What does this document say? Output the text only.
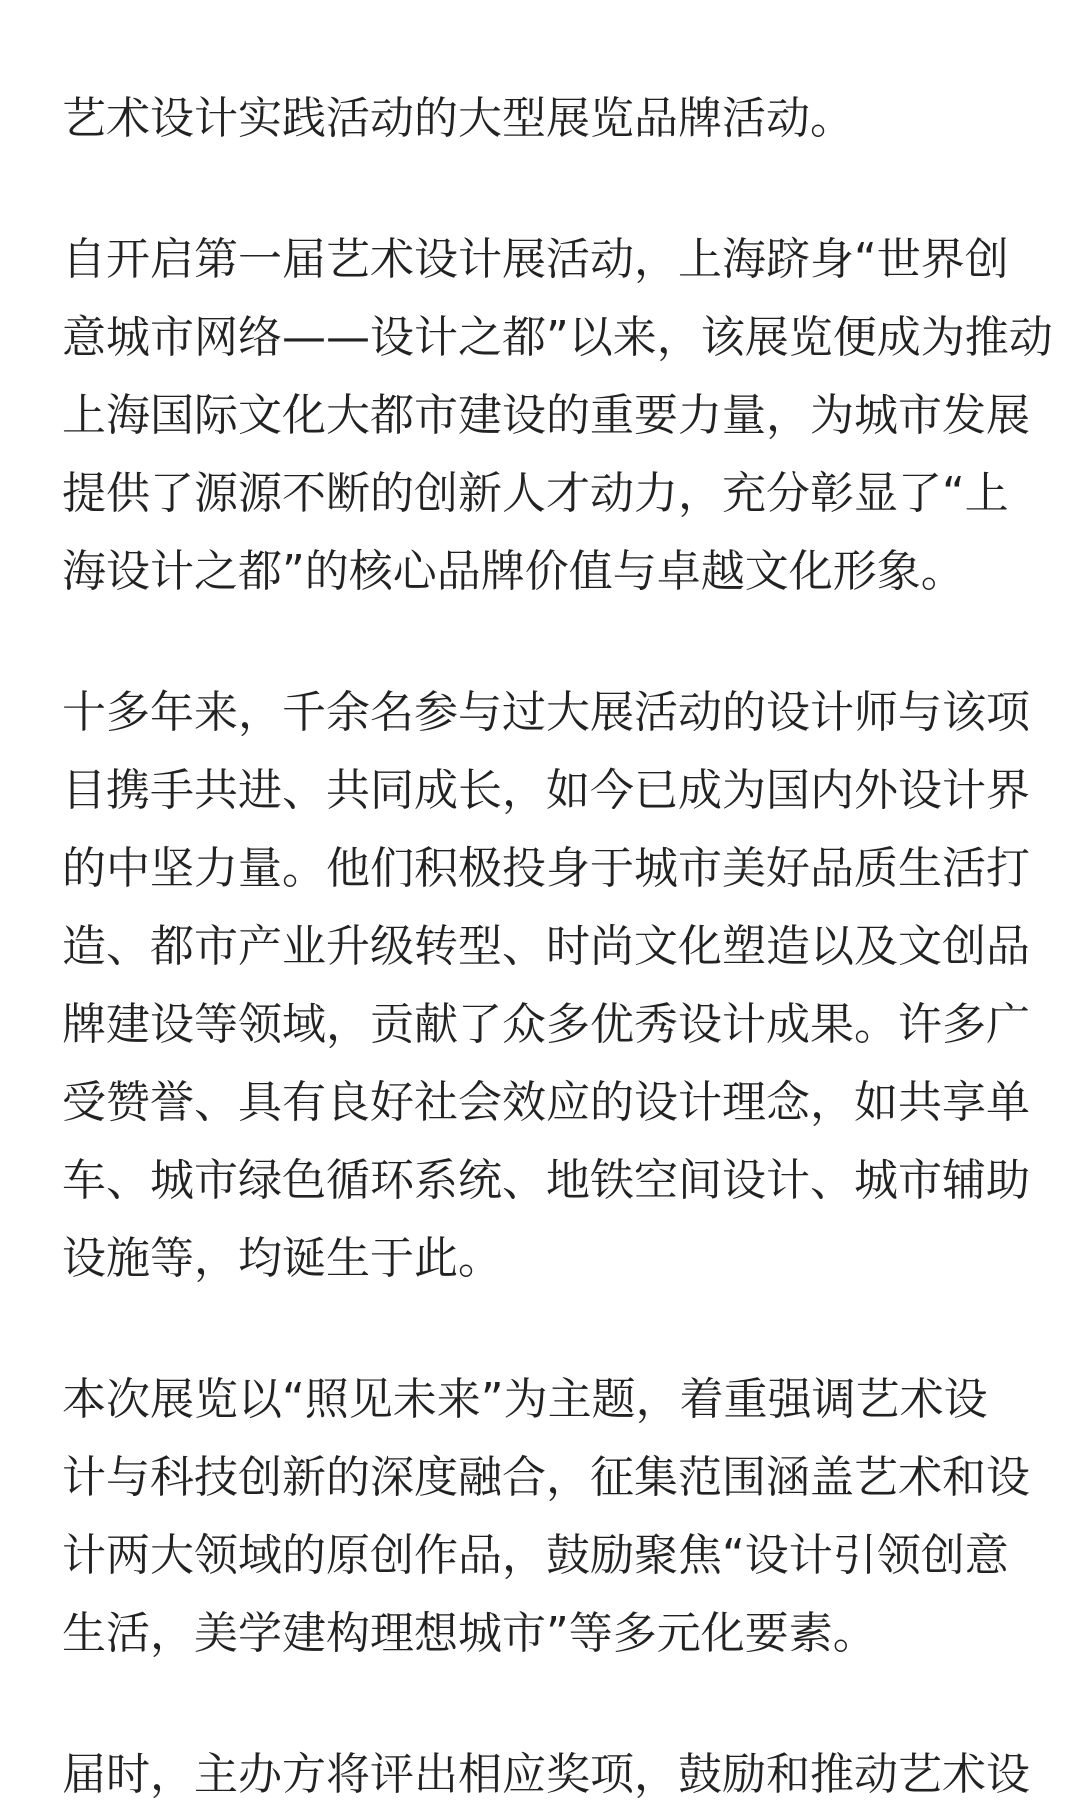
艺术设计实践活动的大型展览品牌活动。

自开启第一届艺术设计展活动，上海跻身“世界创
意城市网络——设计之都”以来，该展览便成为推动
上海国际文化大都市建设的重要力量，为城市发展
提供了源源不断的创新人才动力，充分彰显了“上
海设计之都”的核心品牌价值与卓越文化形象。

十多年来，千余名参与过大展活动的设计师与该项
目携手共进、共同成长，如今已成为国内外设计界
的中坚力量。他们积极投身于城市美好品质生活打
造、都市产业升级转型、时尚文化塑造以及文创品
牌建设等领域，贡献了众多优秀设计成果。许多广
受赞誉、具有良好社会效应的设计理念，如共享单
车、城市绿色循环系统、地铁空间设计、城市辅助
设施等，均诞生于此。

本次展览以“照见未来”为主题，着重强调艺术设
计与科技创新的深度融合，征集范围涵盖艺术和设
计两大领域的原创作品，鼓励聚焦“设计引领创意
生活，美学建构理想城市”等多元化要素。

届时，主办方将评出相应奖项，鼓励和推动艺术设
